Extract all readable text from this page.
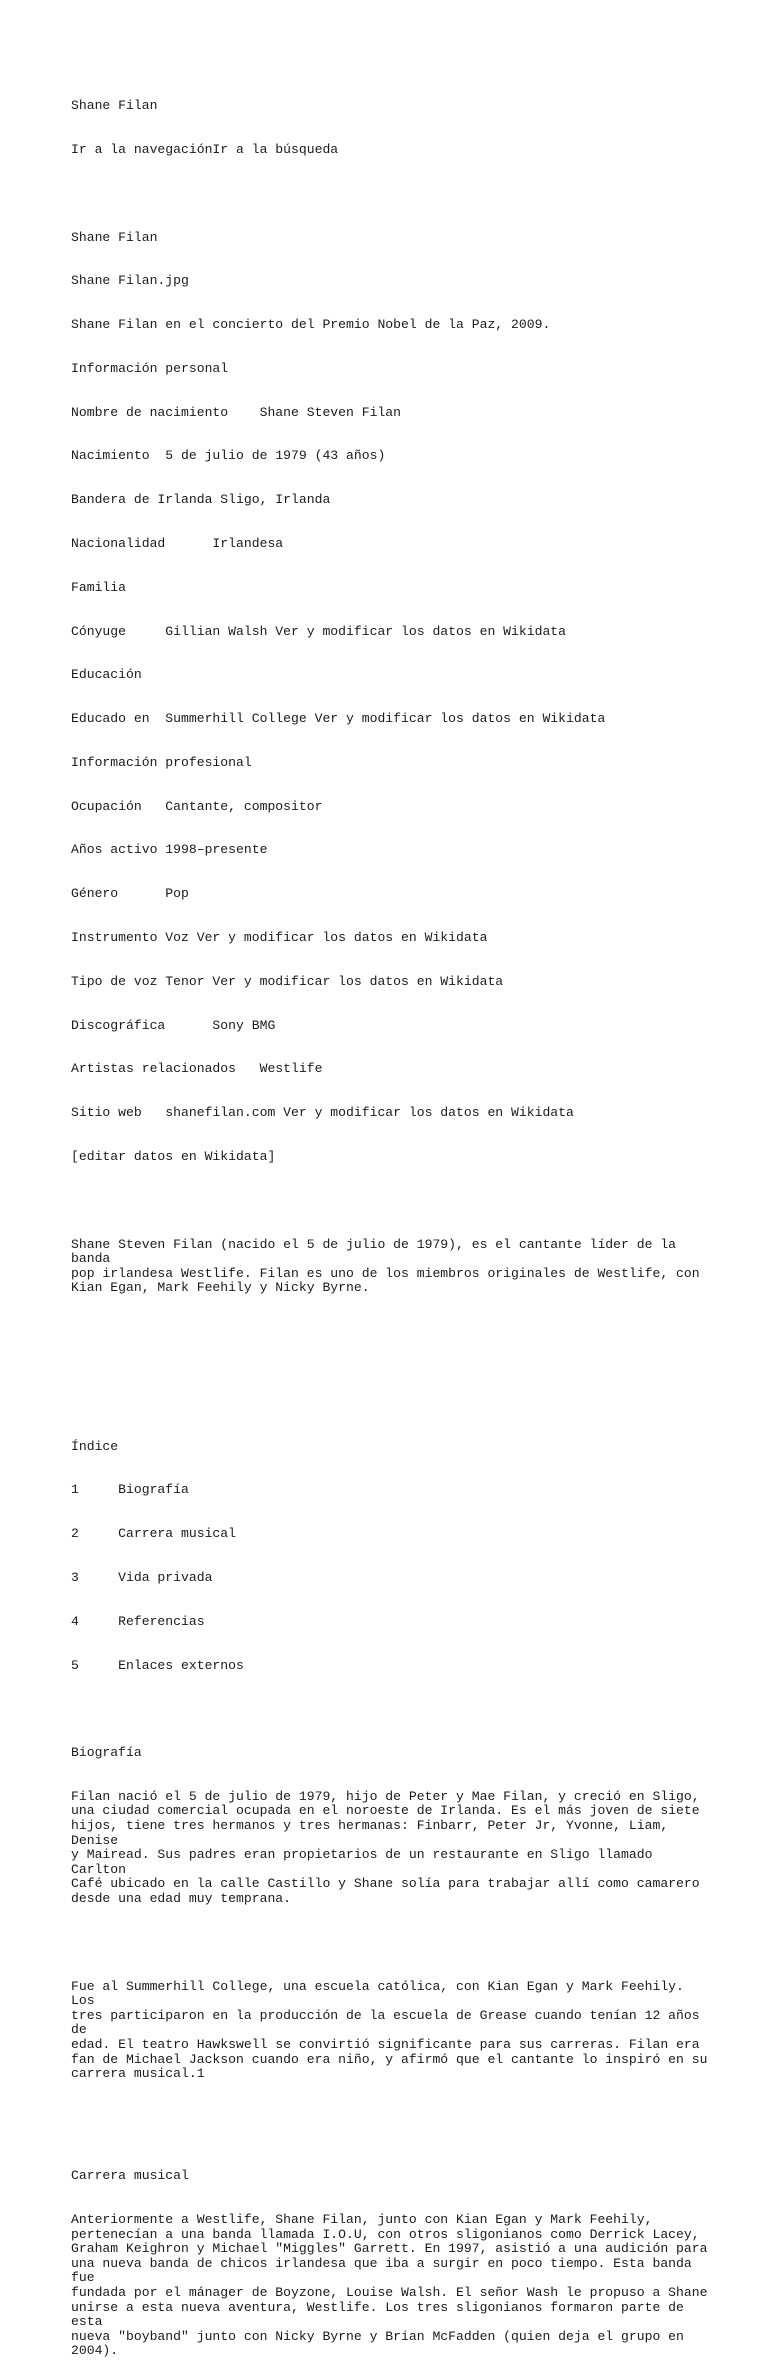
Shane Filan

Ir a la navegaciónIr a la búsqueda

Shane Filan

Shane Filan.jpg

Shane Filan en el concierto del Premio Nobel de la Paz, 2009.

Información personal

Nombre de nacimiento    Shane Steven Filan

Nacimiento  5 de julio de 1979 (43 años)

Bandera de Irlanda Sligo, Irlanda

Nacionalidad      Irlandesa

Familia

Cónyuge     Gillian Walsh Ver y modificar los datos en Wikidata

Educación

Educado en  Summerhill College Ver y modificar los datos en Wikidata

Información profesional

Ocupación   Cantante, compositor

Años activo 1998–presente

Género      Pop

Instrumento Voz Ver y modificar los datos en Wikidata

Tipo de voz Tenor Ver y modificar los datos en Wikidata

Discográfica      Sony BMG

Artistas relacionados   Westlife

Sitio web   shanefilan.com Ver y modificar los datos en Wikidata

[editar datos en Wikidata]

Shane Steven Filan (nacido el 5 de julio de 1979), es el cantante líder de la banda
pop irlandesa Westlife. Filan es uno de los miembros originales de Westlife, con
Kian Egan, Mark Feehily y Nicky Byrne.

Índice

1     Biografía

2     Carrera musical

3     Vida privada

4     Referencias

5     Enlaces externos

Biografía

Filan nació el 5 de julio de 1979, hijo de Peter y Mae Filan, y creció en Sligo,
una ciudad comercial ocupada en el noroeste de Irlanda. Es el más joven de siete
hijos, tiene tres hermanos y tres hermanas: Finbarr, Peter Jr, Yvonne, Liam, Denise
y Mairead. Sus padres eran propietarios de un restaurante en Sligo llamado Carlton
Café ubicado en la calle Castillo y Shane solía para trabajar allí como camarero
desde una edad muy temprana.

Fue al Summerhill College, una escuela católica, con Kian Egan y Mark Feehily. Los
tres participaron en la producción de la escuela de Grease cuando tenían 12 años de
edad. El teatro Hawkswell se convirtió significante para sus carreras. Filan era
fan de Michael Jackson cuando era niño, y afirmó que el cantante lo inspiró en su
carrera musical.1

Carrera musical

Anteriormente a Westlife, Shane Filan, junto con Kian Egan y Mark Feehily,
pertenecían a una banda llamada I.O.U, con otros sligonianos como Derrick Lacey,
Graham Keighron y Michael "Miggles" Garrett. En 1997, asistió a una audición para
una nueva banda de chicos irlandesa que iba a surgir en poco tiempo. Esta banda fue
fundada por el mánager de Boyzone, Louise Walsh. El señor Wash le propuso a Shane
unirse a esta nueva aventura, Westlife. Los tres sligonianos formaron parte de esta
nueva "boyband" junto con Nicky Byrne y Brian McFadden (quien deja el grupo en
2004).
